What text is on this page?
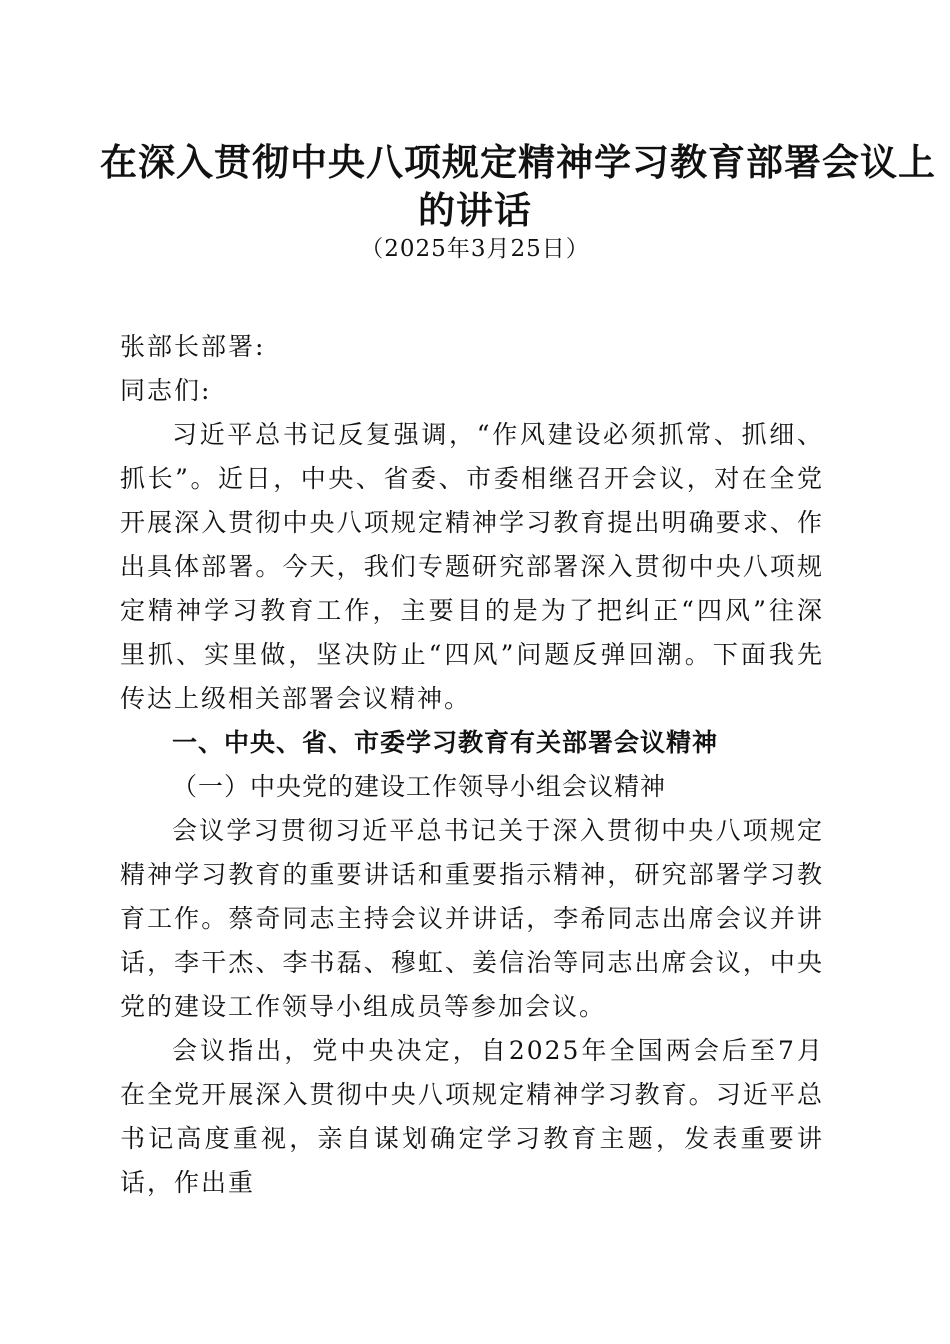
在深入贯彻中央八项规定精神学习教育部署会议上
的讲话
（2025年3月25日）

张部长部署:

同志们:

习近平总书记反复强调，“作风建设必须抓常、抓细、抓长”。近日，中央、省委、市委相继召开会议，对在全党开展深入贯彻中央八项规定精神学习教育提出明确要求、作出具体部署。今天，我们专题研究部署深入贯彻中央八项规定精神学习教育工作，主要目的是为了把纠正“四风”往深里抓、实里做，坚决防止“四风”问题反弹回潮。下面我先传达上级相关部署会议精神。

一、中央、省、市委学习教育有关部署会议精神

（一）中央党的建设工作领导小组会议精神

会议学习贯彻习近平总书记关于深入贯彻中央八项规定精神学习教育的重要讲话和重要指示精神，研究部署学习教育工作。蔡奇同志主持会议并讲话，李希同志出席会议并讲话，李干杰、李书磊、穆虹、姜信治等同志出席会议，中央党的建设工作领导小组成员等参加会议。

会议指出，党中央决定，自2025年全国两会后至7月在全党开展深入贯彻中央八项规定精神学习教育。习近平总书记高度重视，亲自谋划确定学习教育主题，发表重要讲话，作出重
